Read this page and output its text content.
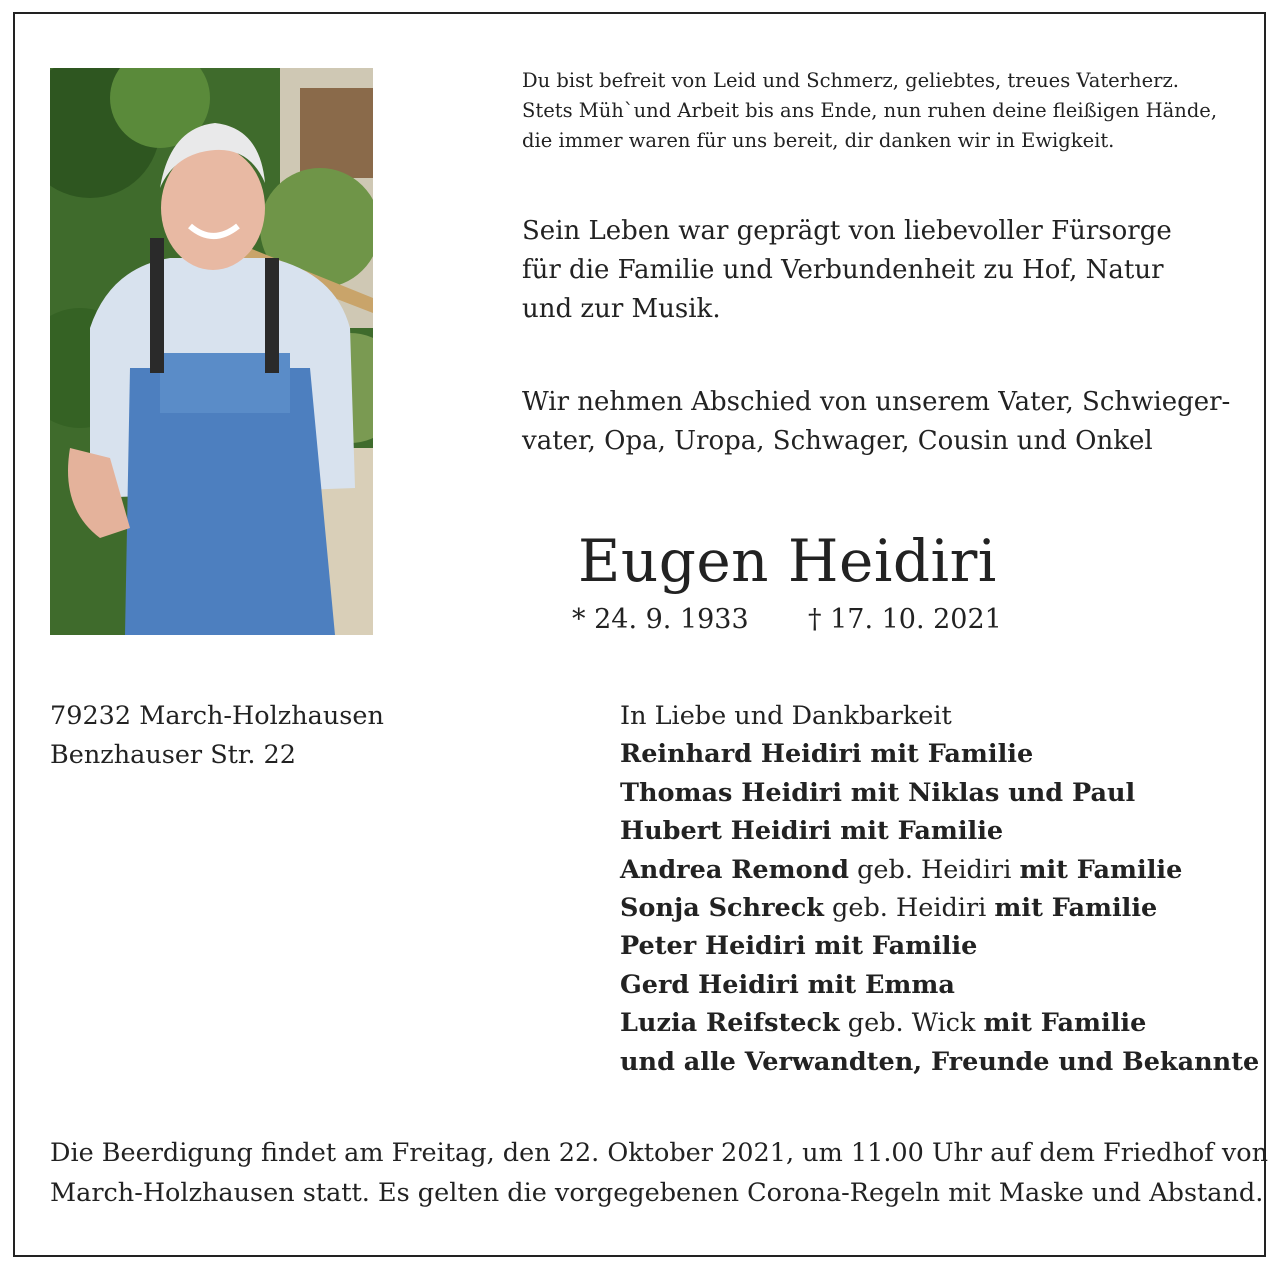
Du bist befreit von Leid und Schmerz, geliebtes, treues Vaterherz.
Stets Müh`und Arbeit bis ans Ende, nun ruhen deine fleißigen Hände,
die immer waren für uns bereit, dir danken wir in Ewigkeit.
Sein Leben war geprägt von liebevoller Fürsorge
für die Familie und Verbundenheit zu Hof, Natur
und zur Musik.
Wir nehmen Abschied von unserem Vater, Schwieger-
vater, Opa, Uropa, Schwager, Cousin und Onkel
Eugen Heidiri
* 24. 9. 1933 † 17. 10. 2021
79232 March-Holzhausen
Benzhauser Str. 22
In Liebe und Dankbarkeit
Reinhard Heidiri mit Familie
Thomas Heidiri mit Niklas und Paul
Hubert Heidiri mit Familie
Andrea Remond geb. Heidiri mit Familie
Sonja Schreck geb. Heidiri mit Familie
Peter Heidiri mit Familie
Gerd Heidiri mit Emma
Luzia Reifsteck geb. Wick mit Familie
und alle Verwandten, Freunde und Bekannte
Die Beerdigung findet am Freitag, den 22. Oktober 2021, um 11.00 Uhr auf dem Friedhof von
March-Holzhausen statt. Es gelten die vorgegebenen Corona-Regeln mit Maske und Abstand.
